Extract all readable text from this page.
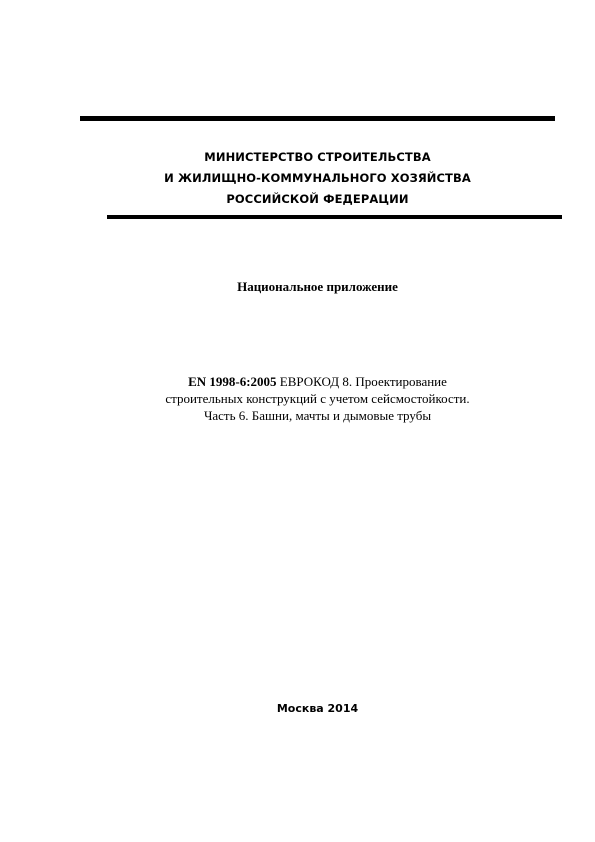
МИНИСТЕРСТВО СТРОИТЕЛЬСТВА
И ЖИЛИЩНО-КОММУНАЛЬНОГО ХОЗЯЙСТВА
РОССИЙСКОЙ ФЕДЕРАЦИИ
Национальное приложение
EN 1998-6:2005 ЕВРОКОД 8. Проектирование
строительных конструкций с учетом сейсмостойкости.
Часть 6. Башни, мачты и дымовые трубы
Москва 2014
